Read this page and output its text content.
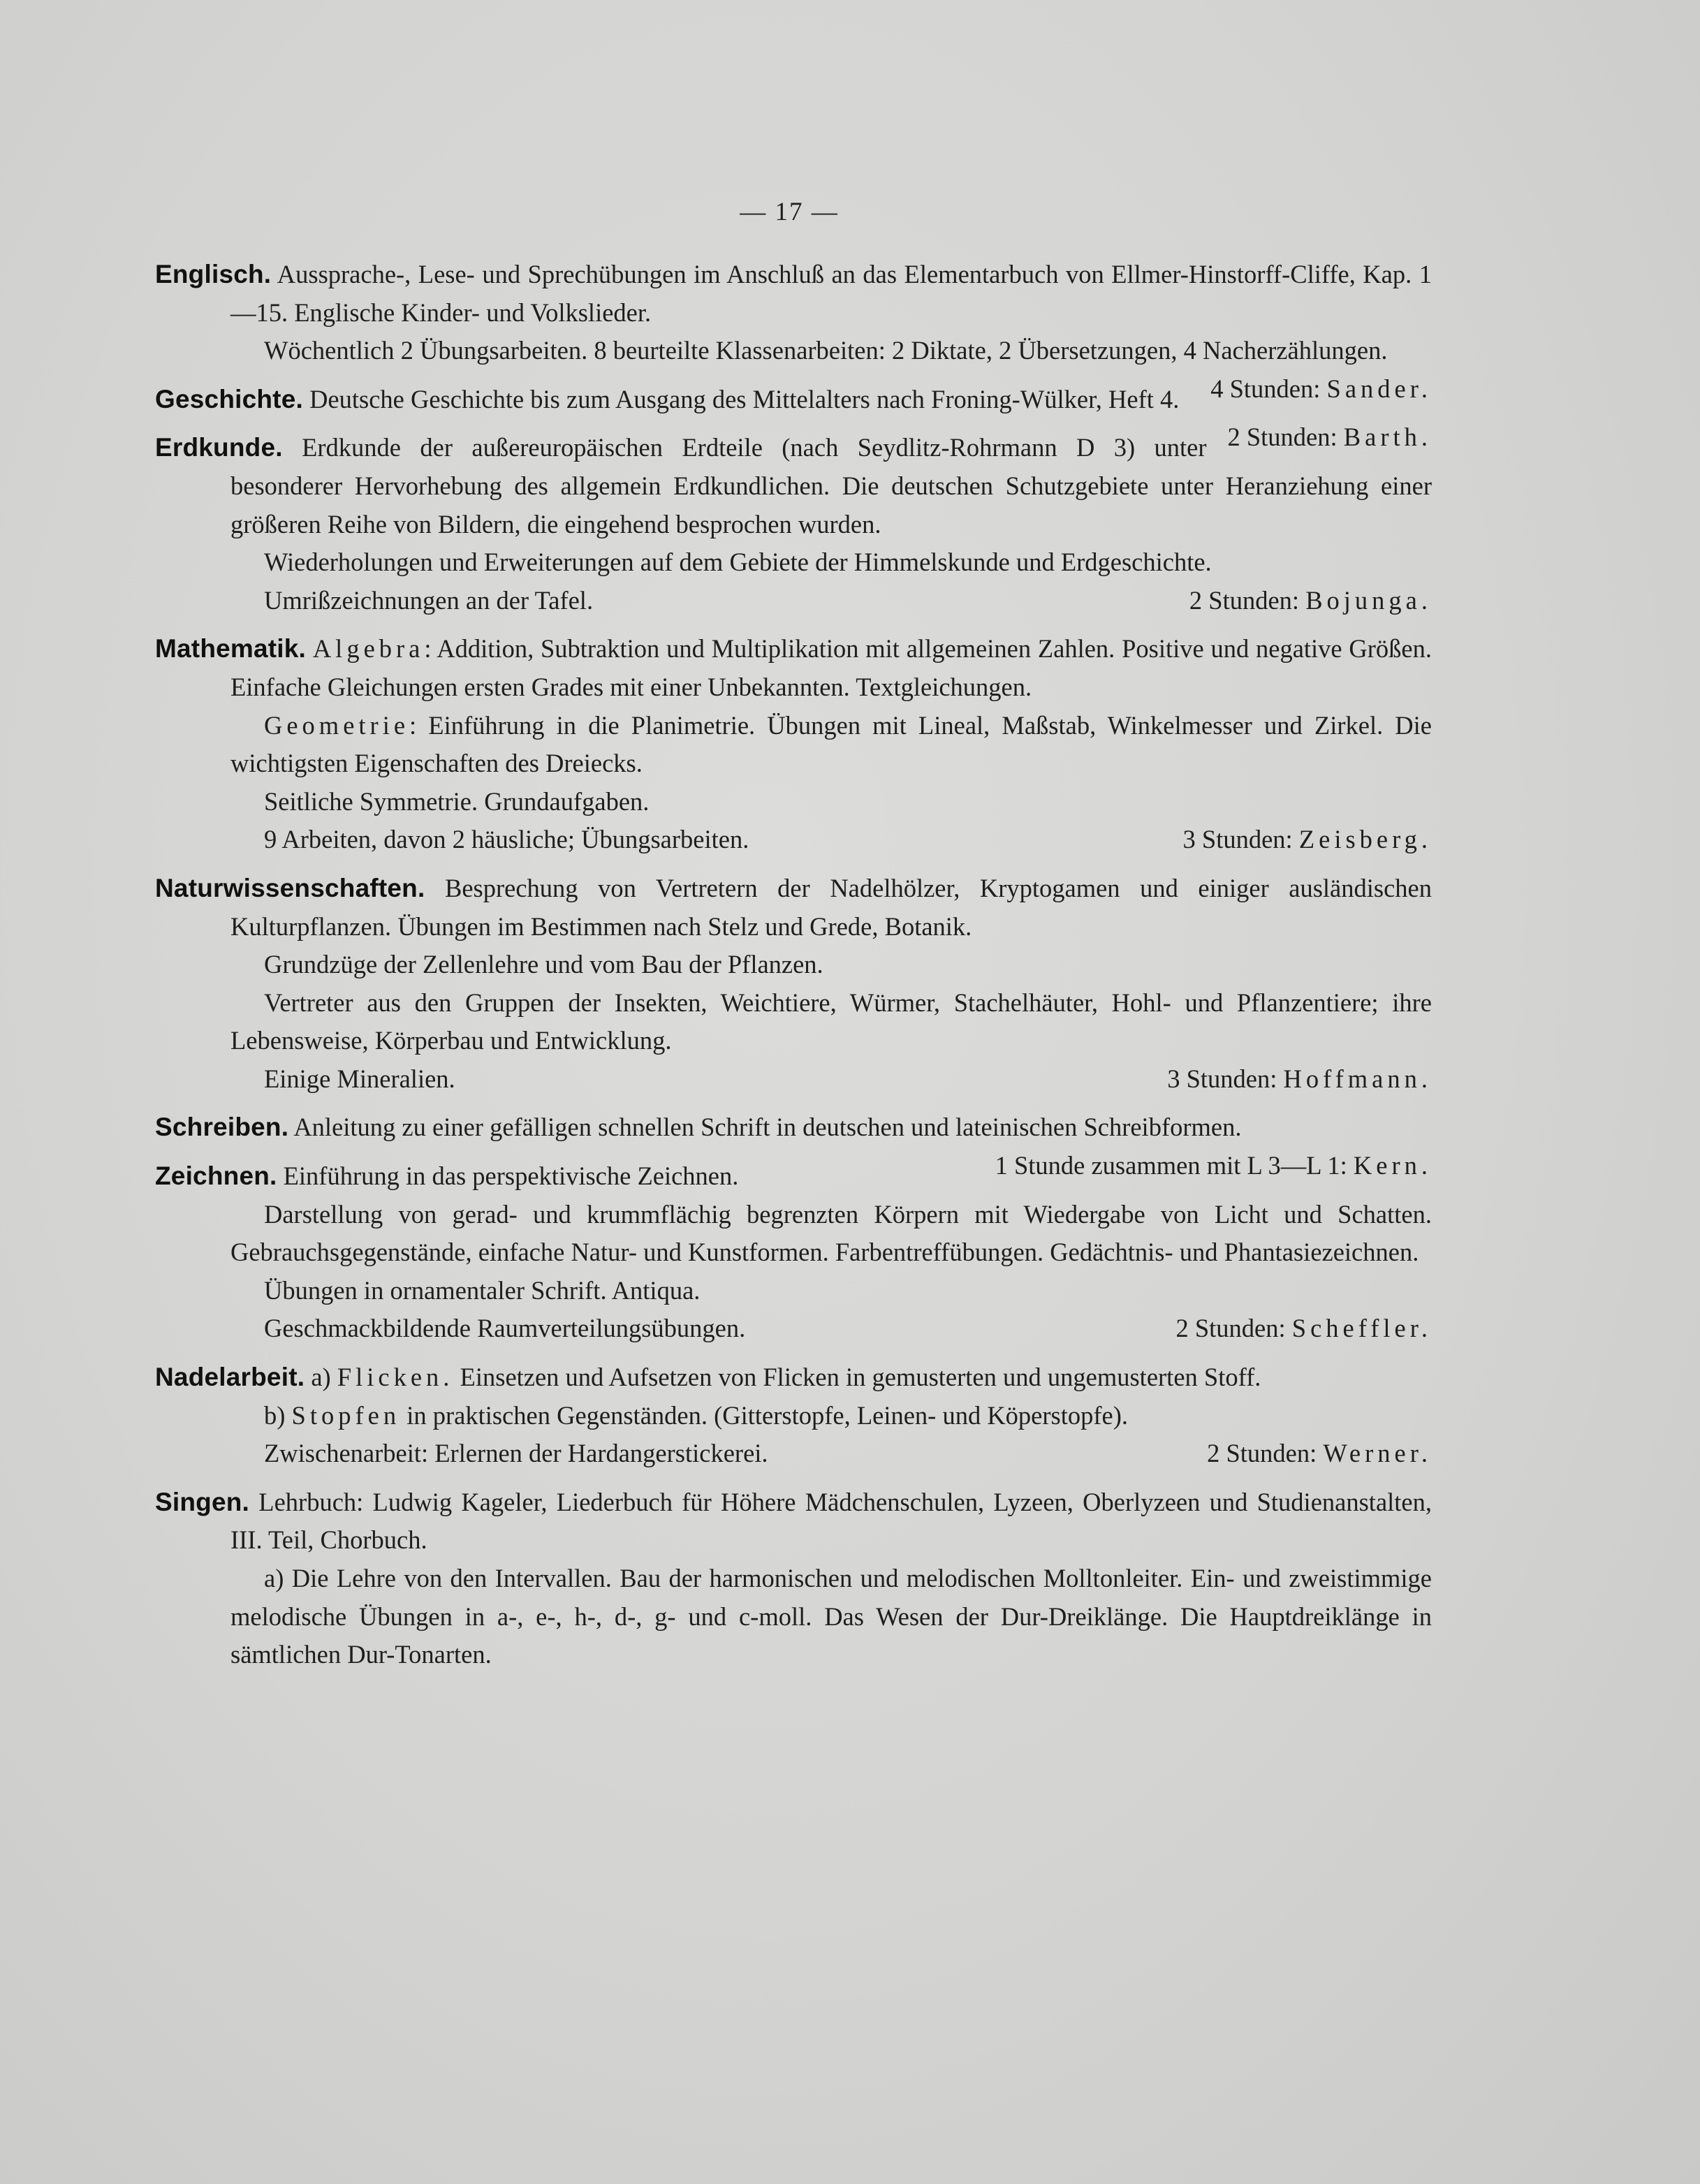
— 17 —

Englisch. Aussprache-, Lese- und Sprechübungen im Anschluß an das Elementarbuch von Ellmer-Hinstorff-Cliffe, Kap. 1—15. Englische Kinder- und Volkslieder.

Wöchentlich 2 Übungsarbeiten. 8 beurteilte Klassenarbeiten: 2 Diktate, 2 Übersetzungen, 4 Nacherzählungen.
4 Stunden: Sander.

Geschichte. Deutsche Geschichte bis zum Ausgang des Mittelalters nach Froning-Wülker, Heft 4.
2 Stunden: Barth.

Erdkunde. Erdkunde der außereuropäischen Erdteile (nach Seydlitz-Rohrmann D 3) unter besonderer Hervorhebung des allgemein Erdkundlichen. Die deutschen Schutzgebiete unter Heranziehung einer größeren Reihe von Bildern, die eingehend besprochen wurden.

Wiederholungen und Erweiterungen auf dem Gebiete der Himmelskunde und Erdgeschichte.

Umrißzeichnungen an der Tafel.	2 Stunden: Bojunga.

Mathematik. Algebra: Addition, Subtraktion und Multiplikation mit allgemeinen Zahlen. Positive und negative Größen. Einfache Gleichungen ersten Grades mit einer Unbekannten. Textgleichungen.

Geometrie: Einführung in die Planimetrie. Übungen mit Lineal, Maßstab, Winkelmesser und Zirkel. Die wichtigsten Eigenschaften des Dreiecks.

Seitliche Symmetrie. Grundaufgaben.

9 Arbeiten, davon 2 häusliche; Übungsarbeiten.	3 Stunden: Zeisberg.

Naturwissenschaften. Besprechung von Vertretern der Nadelhölzer, Kryptogamen und einiger ausländischen Kulturpflanzen. Übungen im Bestimmen nach Stelz und Grede, Botanik.

Grundzüge der Zellenlehre und vom Bau der Pflanzen.

Vertreter aus den Gruppen der Insekten, Weichtiere, Würmer, Stachelhäuter, Hohl- und Pflanzentiere; ihre Lebensweise, Körperbau und Entwicklung.

Einige Mineralien.	3 Stunden: Hoffmann.

Schreiben. Anleitung zu einer gefälligen schnellen Schrift in deutschen und lateinischen Schreibformen.
1 Stunde zusammen mit L 3—L 1: Kern.

Zeichnen. Einführung in das perspektivische Zeichnen.

Darstellung von gerad- und krummflächig begrenzten Körpern mit Wiedergabe von Licht und Schatten. Gebrauchsgegenstände, einfache Natur- und Kunstformen. Farbentreffübungen. Gedächtnis- und Phantasiezeichnen.

Übungen in ornamentaler Schrift. Antiqua.

Geschmackbildende Raumverteilungsübungen.	2 Stunden: Scheffler.

Nadelarbeit. a) Flicken. Einsetzen und Aufsetzen von Flicken in gemusterten und ungemusterten Stoff.

b) Stopfen in praktischen Gegenständen. (Gitterstopfe, Leinen- und Köperstopfe).

Zwischenarbeit: Erlernen der Hardangerstickerei.	2 Stunden: Werner.

Singen. Lehrbuch: Ludwig Kageler, Liederbuch für Höhere Mädchenschulen, Lyzeen, Oberlyzeen und Studienanstalten, III. Teil, Chorbuch.

a) Die Lehre von den Intervallen. Bau der harmonischen und melodischen Molltonleiter. Ein- und zweistimmige melodische Übungen in a-, e-, h-, d-, g- und c-moll. Das Wesen der Dur-Dreiklänge. Die Hauptdreiklänge in sämtlichen Dur-Tonarten.
